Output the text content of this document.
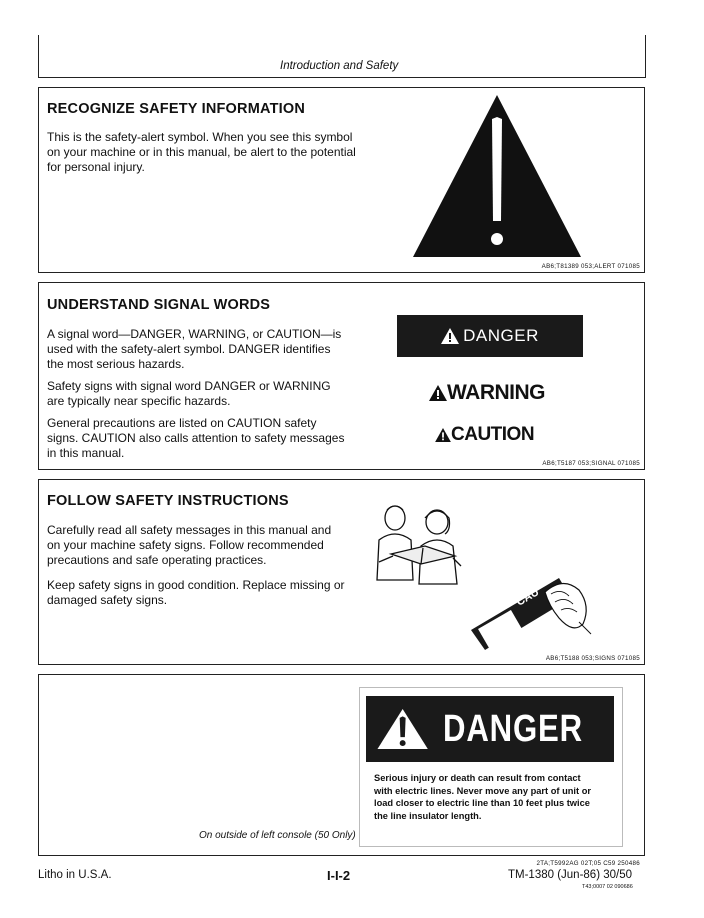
Introduction and Safety
RECOGNIZE SAFETY INFORMATION

This is the safety-alert symbol. When you see this symbol on your machine or in this manual, be alert to the potential for personal injury.

AB6;T81389 053;ALERT 071085
UNDERSTAND SIGNAL WORDS

A signal word—DANGER, WARNING, or CAUTION—is used with the safety-alert symbol. DANGER identifies the most serious hazards.

Safety signs with signal word DANGER or WARNING are typically near specific hazards.

General precautions are listed on CAUTION safety signs. CAUTION also calls attention to safety messages in this manual.

DANGER
WARNING
CAUTION
AB6;T5187 053;SIGNAL 071085
FOLLOW SAFETY INSTRUCTIONS

Carefully read all safety messages in this manual and on your machine safety signs. Follow recommended precautions and safe operating practices.

Keep safety signs in good condition. Replace missing or damaged safety signs.	CAU
AB6;T5188 053;SIGNS 071085
On outside of left console (50 Only)
DANGER
Serious injury or death can result from contact with electric lines. Never move any part of unit or load closer to electric line than 10 feet plus twice the line insulator length.
2TA;T5992AG 02T;05 C59 250486
Litho in U.S.A.	I-I-2	TM-1380 (Jun-86) 30/50
T43;0007 02 090686
